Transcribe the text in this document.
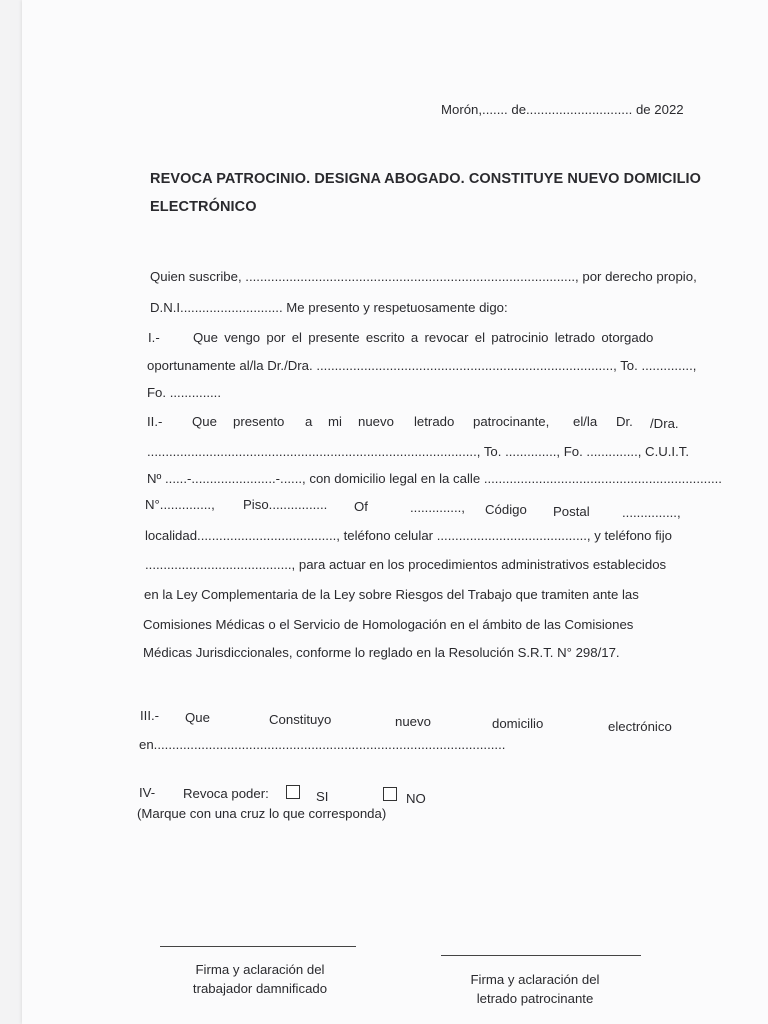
Morón,....... de............................. de 2022
REVOCA PATROCINIO. DESIGNA ABOGADO. CONSTITUYE NUEVO DOMICILIO
ELECTRÓNICO
Quien suscribe, .........................................................................................., por derecho propio,
D.N.I............................ Me presento y respetuosamente digo:
I.-	Que vengo por el presente escrito a revocar el patrocinio letrado otorgado
oportunamente al/la Dr./Dra. ................................................................................., To. ..............,
Fo. ..............
II.- Que presento a mi nuevo letrado patrocinante, el/la Dr. /Dra.
.........................................................................................., To. .............., Fo. .............., C.U.I.T.
Nº ......-.......................-......, con domicilio legal en la calle .................................................................
N°.............., Piso................ Of	.............., Código Postal ...............,
localidad......................................, teléfono celular ........................................., y teléfono fijo
........................................, para actuar en los procedimientos administrativos establecidos
en la Ley Complementaria de la Ley sobre Riesgos del Trabajo que tramiten ante las
Comisiones Médicas o el Servicio de Homologación en el ámbito de las Comisiones
Médicas Jurisdiccionales, conforme lo reglado en la Resolución S.R.T. N° 298/17.
III.- Que	Constituyo	nuevo	domicilio	electrónico
en................................................................................................
IV- Revoca poder:	SI	NO
(Marque con una cruz lo que corresponda)
Firma y aclaración del
trabajador damnificado
Firma y aclaración del
letrado patrocinante
